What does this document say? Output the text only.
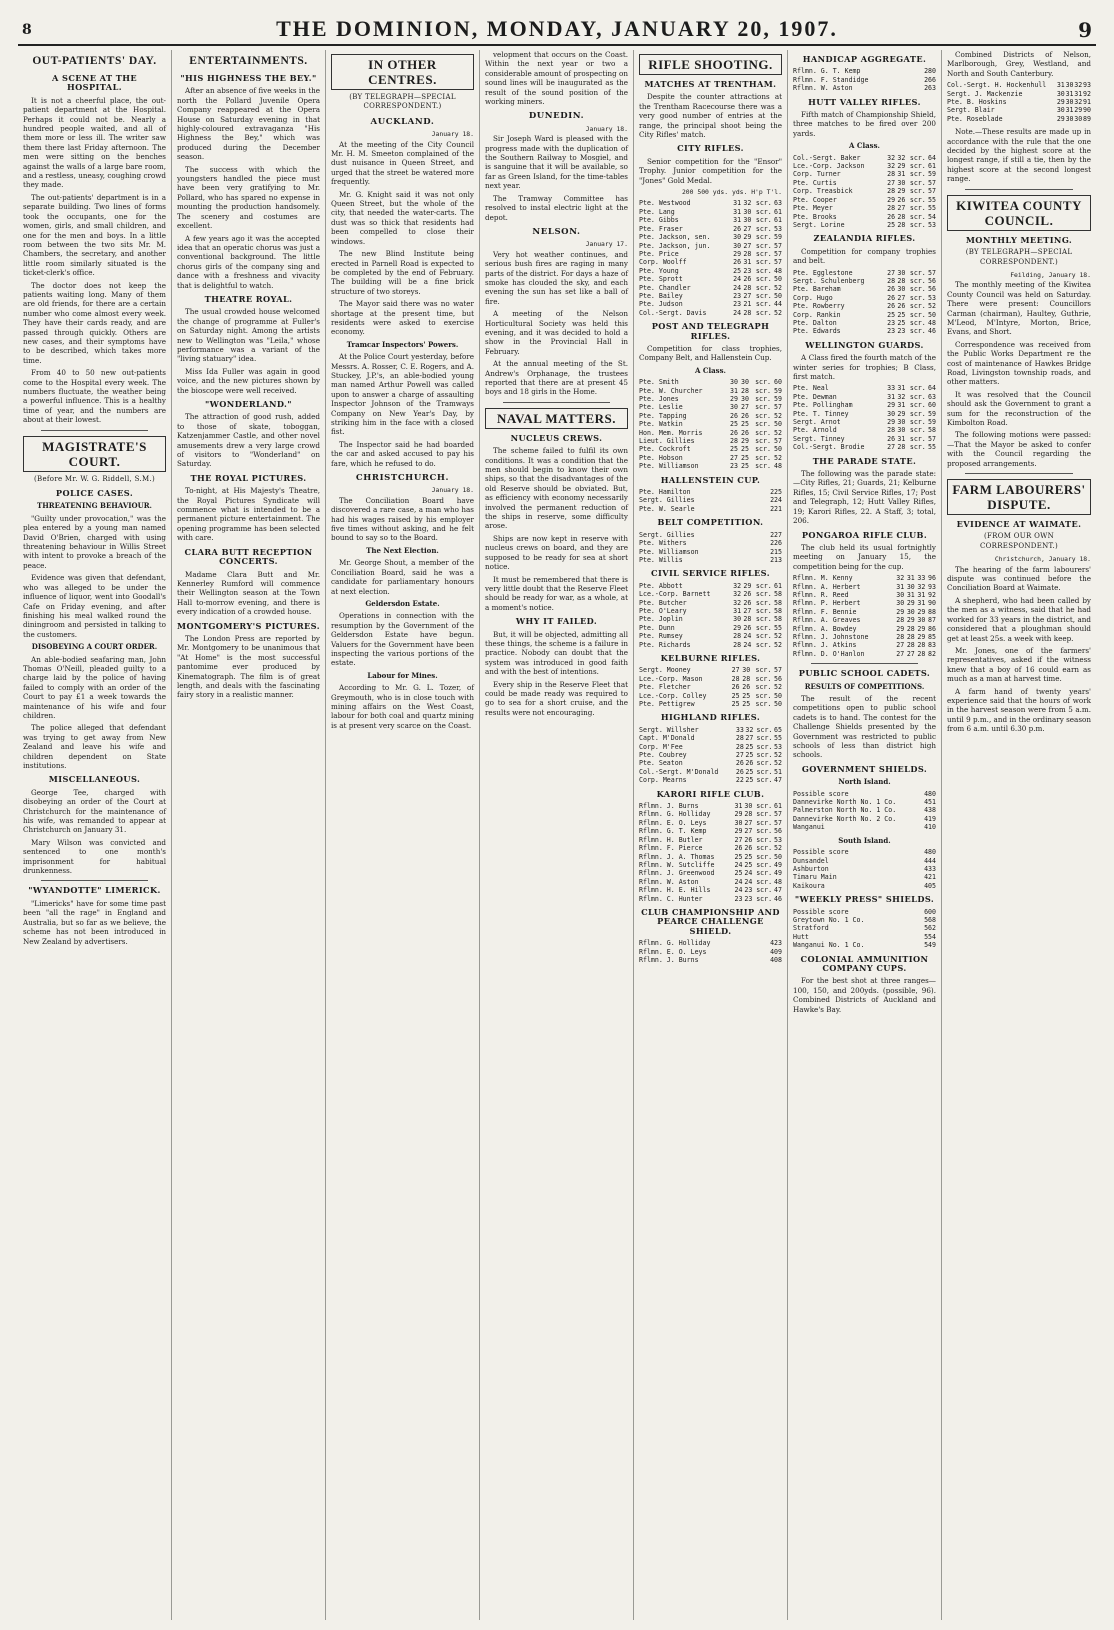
8	THE DOMINION, MONDAY, JANUARY 20, 1907.	9
OUT-PATIENTS' DAY.
A SCENE AT THE HOSPITAL.

It is not a cheerful place, the out-patient department at the Hospital. Perhaps it could not be. Nearly a hundred people waited, and all of them more or less ill. The writer saw them there last Friday afternoon. The men were sitting on the benches against the walls of a large bare room, and a restless, uneasy, coughing crowd they made.

The out-patients' department is in a separate building. Two lines of forms took the occupants, one for the women, girls, and small children, and one for the men and boys. In a little room between the two sits Mr. M. Chambers, the secretary, and another little room similarly situated is the ticket-clerk's office.

The doctor does not keep the patients waiting long. Many of them are old friends, for there are a certain number who come almost every week. They have their cards ready, and are passed through quickly. Others are new cases, and their symptoms have to be described, which takes more time.

From 40 to 50 new out-patients come to the Hospital every week. The numbers fluctuate, the weather being a powerful influence. This is a healthy time of year, and the numbers are about at their lowest.

MAGISTRATE'S COURT.
(Before Mr. W. G. Riddell, S.M.)
POLICE CASES.
THREATENING BEHAVIOUR.

"Guilty under provocation," was the plea entered by a young man named David O'Brien, charged with using threatening behaviour in Willis Street with intent to provoke a breach of the peace.

Evidence was given that defendant, who was alleged to be under the influence of liquor, went into Goodall's Cafe on Friday evening, and after finishing his meal walked round the diningroom and persisted in talking to the customers.

DISOBEYING A COURT ORDER.

An able-bodied seafaring man, John Thomas O'Neill, pleaded guilty to a charge laid by the police of having failed to comply with an order of the Court to pay £1 a week towards the maintenance of his wife and four children.

The police alleged that defendant was trying to get away from New Zealand and leave his wife and children dependent on State institutions.

MISCELLANEOUS.

George Tee, charged with disobeying an order of the Court at Christchurch for the maintenance of his wife, was remanded to appear at Christchurch on January 31.

Mary Wilson was convicted and sentenced to one month's imprisonment for habitual drunkenness.

"WYANDOTTE" LIMERICK.

"Limericks" have for some time past been "all the rage" in England and Australia, but so far as we believe, the scheme has not been introduced in New Zealand by advertisers.

ENTERTAINMENTS.
"HIS HIGHNESS THE BEY."

After an absence of five weeks in the north the Pollard Juvenile Opera Company reappeared at the Opera House on Saturday evening in that highly-coloured extravaganza "His Highness the Bey," which was produced during the December season.

The success with which the youngsters handled the piece must have been very gratifying to Mr. Pollard, who has spared no expense in mounting the production handsomely. The scenery and costumes are excellent.

A few years ago it was the accepted idea that an operatic chorus was just a conventional background. The little chorus girls of the company sing and dance with a freshness and vivacity that is delightful to watch.

THEATRE ROYAL.

The usual crowded house welcomed the change of programme at Fuller's on Saturday night. Among the artists new to Wellington was "Leila," whose performance was a variant of the "living statuary" idea.

Miss Ida Fuller was again in good voice, and the new pictures shown by the bioscope were well received.

"WONDERLAND."

The attraction of good rush, added to those of skate, toboggan, Katzenjammer Castle, and other novel amusements drew a very large crowd of visitors to "Wonderland" on Saturday.

THE ROYAL PICTURES.

To-night, at His Majesty's Theatre, the Royal Pictures Syndicate will commence what is intended to be a permanent picture entertainment. The opening programme has been selected with care.

CLARA BUTT RECEPTION CONCERTS.

Madame Clara Butt and Mr. Kennerley Rumford will commence their Wellington season at the Town Hall to-morrow evening, and there is every indication of a crowded house.

MONTGOMERY'S PICTURES.

The London Press are reported by Mr. Montgomery to be unanimous that "At Home" is the most successful pantomime ever produced by Kinematograph. The film is of great length, and deals with the fascinating fairy story in a realistic manner.

IN OTHER CENTRES.
(BY TELEGRAPH—SPECIAL CORRESPONDENT.)
AUCKLAND.
January 18.

At the meeting of the City Council Mr. H. M. Smeeton complained of the dust nuisance in Queen Street, and urged that the street be watered more frequently.

Mr. G. Knight said it was not only Queen Street, but the whole of the city, that needed the water-carts. The dust was so thick that residents had been compelled to close their windows.

The new Blind Institute being erected in Parnell Road is expected to be completed by the end of February. The building will be a fine brick structure of two storeys.

The Mayor said there was no water shortage at the present time, but residents were asked to exercise economy.

Tramcar Inspectors' Powers.

At the Police Court yesterday, before Messrs. A. Rosser, C. E. Rogers, and A. Stuckey, J.P.'s, an able-bodied young man named Arthur Powell was called upon to answer a charge of assaulting Inspector Johnson of the Tramways Company on New Year's Day, by striking him in the face with a closed fist.

The Inspector said he had boarded the car and asked accused to pay his fare, which he refused to do.

CHRISTCHURCH.
January 18.

The Conciliation Board have discovered a rare case, a man who has had his wages raised by his employer five times without asking, and he felt bound to say so to the Board.

The Next Election.

Mr. George Shout, a member of the Conciliation Board, said he was a candidate for parliamentary honours at next election.

Geldersdon Estate.

Operations in connection with the resumption by the Government of the Geldersdon Estate have begun. Valuers for the Government have been inspecting the various portions of the estate.

Labour for Mines.

According to Mr. G. L. Tozer, of Greymouth, who is in close touch with mining affairs on the West Coast, labour for both coal and quartz mining is at present very scarce on the Coast.

velopment that occurs on the Coast. Within the next year or two a considerable amount of prospecting on sound lines will be inaugurated as the result of the sound position of the working miners.

DUNEDIN.
January 18.

Sir Joseph Ward is pleased with the progress made with the duplication of the Southern Railway to Mosgiel, and is sanguine that it will be available, so far as Green Island, for the time-tables next year.

The Tramway Committee has resolved to instal electric light at the depot.

NELSON.
January 17.

Very hot weather continues, and serious bush fires are raging in many parts of the district. For days a haze of smoke has clouded the sky, and each evening the sun has set like a ball of fire.

A meeting of the Nelson Horticultural Society was held this evening, and it was decided to hold a show in the Provincial Hall in February.

At the annual meeting of the St. Andrew's Orphanage, the trustees reported that there are at present 45 boys and 18 girls in the Home.

NAVAL MATTERS.
NUCLEUS CREWS.

The scheme failed to fulfil its own conditions. It was a condition that the men should begin to know their own ships, so that the disadvantages of the old Reserve should be obviated. But, as efficiency with economy necessarily involved the permanent reduction of the ships in reserve, some difficulty arose.

Ships are now kept in reserve with nucleus crews on board, and they are supposed to be ready for sea at short notice.

It must be remembered that there is very little doubt that the Reserve Fleet should be ready for war, as a whole, at a moment's notice.

WHY IT FAILED.

But, it will be objected, admitting all these things, the scheme is a failure in practice. Nobody can doubt that the system was introduced in good faith and with the best of intentions.

Every ship in the Reserve Fleet that could be made ready was required to go to sea for a short cruise, and the results were not encouraging.

RIFLE SHOOTING.
MATCHES AT TRENTHAM.

Despite the counter attractions at the Trentham Racecourse there was a very good number of entries at the range, the principal shoot being the City Rifles' match.

CITY RIFLES.

Senior competition for the "Ensor" Trophy. Junior competition for the "Jones" Gold Medal.

200 500 yds. yds. H'p T'l.
Pte. Westwood	31	32	scr.	63
Pte. Lang	31	30	scr.	61
Pte. Gibbs	31	30	scr.	61
Pte. Fraser	26	27	scr.	53
Pte. Jackson, sen.	30	29	scr.	59
Pte. Jackson, jun.	30	27	scr.	57
Pte. Price	29	28	scr.	57
Corp. Woolff	26	31	scr.	57
Pte. Young	25	23	scr.	48
Pte. Sprott	24	26	scr.	50
Pte. Chandler	24	28	scr.	52
Pte. Bailey	23	27	scr.	50
Pte. Judson	23	21	scr.	44
Col.-Sergt. Davis	24	28	scr.	52
POST AND TELEGRAPH RIFLES.

Competition for class trophies, Company Belt, and Hallenstein Cup.

A Class.
Pte. Smith	30	30	scr.	60
Pte. W. Churcher	31	28	scr.	59
Pte. Jones	29	30	scr.	59
Pte. Leslie	30	27	scr.	57
Pte. Tapping	26	26	scr.	52
Pte. Watkin	25	25	scr.	50
Hon. Mem. Morris	26	26	scr.	52
Lieut. Gillies	28	29	scr.	57
Pte. Cockroft	25	25	scr.	50
Pte. Hobson	27	25	scr.	52
Pte. Williamson	23	25	scr.	48
HALLENSTEIN CUP.
Pte. Hamilton				225
Sergt. Gillies				224
Pte. W. Searle				221
BELT COMPETITION.
Sergt. Gillies				227
Pte. Withers				226
Pte. Williamson				215
Pte. Willis				213
CIVIL SERVICE RIFLES.
Pte. Abbott	32	29	scr.	61
Lce.-Corp. Barnett	32	26	scr.	58
Pte. Butcher	32	26	scr.	58
Pte. O'Leary	31	27	scr.	58
Pte. Joplin	30	28	scr.	58
Pte. Dunn	29	26	scr.	55
Pte. Rumsey	28	24	scr.	52
Pte. Richards	28	24	scr.	52
KELBURNE RIFLES.
Sergt. Mooney	27	30	scr.	57
Lce.-Corp. Mason	28	28	scr.	56
Pte. Fletcher	26	26	scr.	52
Lce.-Corp. Colley	25	25	scr.	50
Pte. Pettigrew	25	25	scr.	50
HIGHLAND RIFLES.
Sergt. Willsher	33	32	scr.	65
Capt. M'Donald	28	27	scr.	55
Corp. M'Fee	28	25	scr.	53
Pte. Coubrey	27	25	scr.	52
Pte. Seaton	26	26	scr.	52
Col.-Sergt. M'Donald	26	25	scr.	51
Corp. Mearns	22	25	scr.	47
KARORI RIFLE CLUB.
Rflmn. J. Burns	31	30	scr.	61
Rflmn. G. Holliday	29	28	scr.	57
Rflmn. E. O. Leys	30	27	scr.	57
Rflmn. G. T. Kemp	29	27	scr.	56
Rflmn. H. Butler	27	26	scr.	53
Rflmn. F. Pierce	26	26	scr.	52
Rflmn. J. A. Thomas	25	25	scr.	50
Rflmn. W. Sutcliffe	24	25	scr.	49
Rflmn. J. Greenwood	25	24	scr.	49
Rflmn. W. Aston	24	24	scr.	48
Rflmn. H. E. Hills	24	23	scr.	47
Rflmn. C. Hunter	23	23	scr.	46
CLUB CHAMPIONSHIP AND PEARCE CHALLENGE SHIELD.
Rflmn. G. Holliday				423
Rflmn. E. O. Leys				409
Rflmn. J. Burns				408
HANDICAP AGGREGATE.
Rflmn. G. T. Kemp				280
Rflmn. F. Standidge				266
Rflmn. W. Aston				263
HUTT VALLEY RIFLES.

Fifth match of Championship Shield, three matches to be fired over 200 yards.

A Class.
Col.-Sergt. Baker	32	32	scr.	64
Lce.-Corp. Jackson	32	29	scr.	61
Corp. Turner	28	31	scr.	59
Pte. Curtis	27	30	scr.	57
Corp. Treasbick	28	29	scr.	57
Pte. Cooper	29	26	scr.	55
Pte. Meyer	28	27	scr.	55
Pte. Brooks	26	28	scr.	54
Sergt. Lorine	25	28	scr.	53
ZEALANDIA RIFLES.

Competition for company trophies and belt.

Pte. Egglestone	27	30	scr.	57
Sergt. Schulenberg	28	28	scr.	56
Pte. Bareham	26	30	scr.	56
Corp. Hugo	26	27	scr.	53
Pte. Rowberry	26	26	scr.	52
Corp. Rankin	25	25	scr.	50
Pte. Dalton	23	25	scr.	48
Pte. Edwards	23	23	scr.	46
WELLINGTON GUARDS.

A Class fired the fourth match of the winter series for trophies; B Class, first match.

Pte. Neal	33	31	scr.	64
Pte. Dewman	31	32	scr.	63
Pte. Pollingham	29	31	scr.	60
Pte. T. Tinney	30	29	scr.	59
Sergt. Arnot	29	30	scr.	59
Pte. Arnold	28	30	scr.	58
Sergt. Tinney	26	31	scr.	57
Col.-Sergt. Brodie	27	28	scr.	55
THE PARADE STATE.

The following was the parade state:—City Rifles, 21; Guards, 21; Kelburne Rifles, 15; Civil Service Rifles, 17; Post and Telegraph, 12; Hutt Valley Rifles, 19; Karori Rifles, 22. A Staff, 3; total, 206.

PONGAROA RIFLE CLUB.

The club held its usual fortnightly meeting on January 15, the competition being for the cup.

Rflmn. M. Kenny	32	31	33	96
Rflmn. A. Herbert	31	30	32	93
Rflmn. R. Reed	30	31	31	92
Rflmn. P. Herbert	30	29	31	90
Rflmn. F. Bennie	29	30	29	88
Rflmn. A. Greaves	28	29	30	87
Rflmn. A. Bowdey	29	28	29	86
Rflmn. J. Johnstone	28	28	29	85
Rflmn. J. Atkins	27	28	28	83
Rflmn. D. O'Hanlon	27	27	28	82
PUBLIC SCHOOL CADETS.
RESULTS OF COMPETITIONS.

The result of the recent competitions open to public school cadets is to hand. The contest for the Challenge Shields presented by the Government was restricted to public schools of less than district high schools.

GOVERNMENT SHIELDS.
North Island.
Possible score				480
Dannevirke North No. 1 Co.				451
Palmerston North No. 1 Co.				438
Dannevirke North No. 2 Co.				419
Wanganui				410
South Island.
Possible score				480
Dunsandel				444
Ashburton				433
Timaru Main				421
Kaikoura				405
"WEEKLY PRESS" SHIELDS.
Possible score				600
Greytown No. 1 Co.				568
Stratford				562
Hutt				554
Wanganui No. 1 Co.				549
COLONIAL AMMUNITION COMPANY CUPS.

For the best shot at three ranges—100, 150, and 200yds. (possible, 96). Combined Districts of Auckland and Hawke's Bay.

Combined Districts of Nelson, Marlborough, Grey, Westland, and North and South Canterbury.

Col.-Sergt. H. Hockenhull	31	30	32	93
Sergt. J. Mackenzie	30	31	31	92
Pte. B. Hoskins	29	30	32	91
Sergt. Blair	30	31	29	90
Pte. Roseblade	29	30	30	89

Note.—These results are made up in accordance with the rule that the one decided by the highest score at the longest range, if still a tie, then by the highest score at the second longest range.

KIWITEA COUNTY COUNCIL.
MONTHLY MEETING.
(BY TELEGRAPH—SPECIAL CORRESPONDENT.)
Feilding, January 18.

The monthly meeting of the Kiwitea County Council was held on Saturday. There were present: Councillors Carman (chairman), Haultey, Guthrie, M'Leod, M'Intyre, Morton, Brice, Evans, and Short.

Correspondence was received from the Public Works Department re the cost of maintenance of Hawkes Bridge Road, Livingston township roads, and other matters.

It was resolved that the Council should ask the Government to grant a sum for the reconstruction of the Kimbolton Road.

The following motions were passed:—That the Mayor be asked to confer with the Council regarding the proposed arrangements.

FARM LABOURERS' DISPUTE.
EVIDENCE AT WAIMATE.
(FROM OUR OWN CORRESPONDENT.)
Christchurch, January 18.

The hearing of the farm labourers' dispute was continued before the Conciliation Board at Waimate.

A shepherd, who had been called by the men as a witness, said that he had worked for 33 years in the district, and considered that a ploughman should get at least 25s. a week with keep.

Mr. Jones, one of the farmers' representatives, asked if the witness knew that a boy of 16 could earn as much as a man at harvest time.

A farm hand of twenty years' experience said that the hours of work in the harvest season were from 5 a.m. until 9 p.m., and in the ordinary season from 6 a.m. until 6.30 p.m.
